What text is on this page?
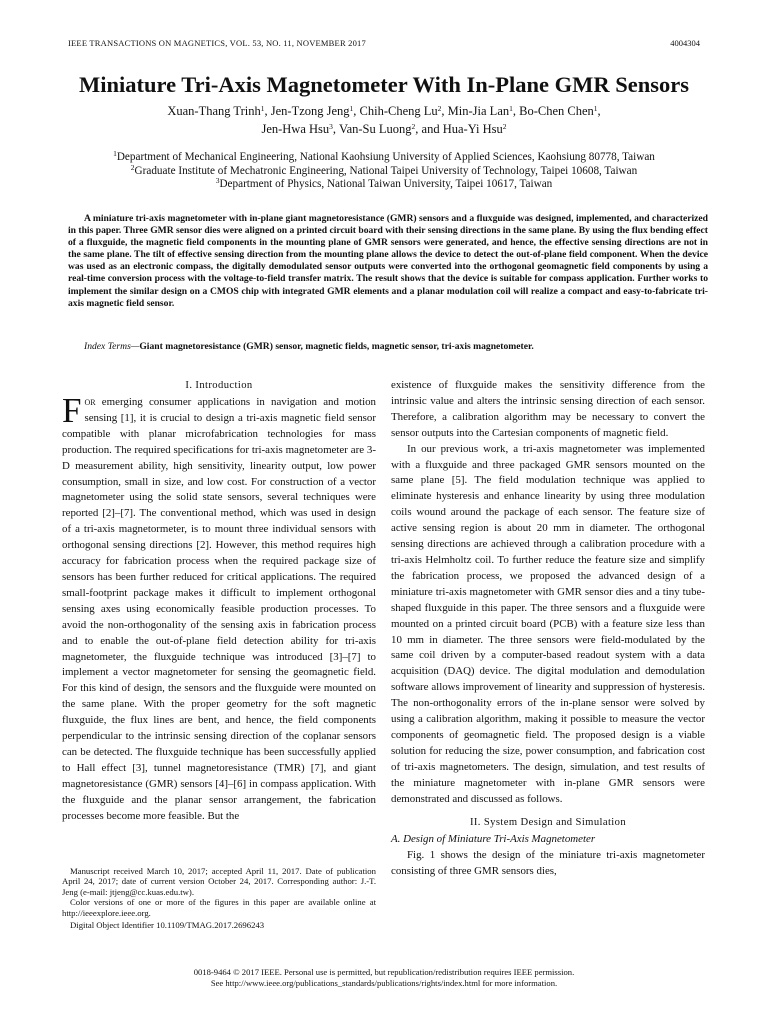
IEEE TRANSACTIONS ON MAGNETICS, VOL. 53, NO. 11, NOVEMBER 2017	4004304
Miniature Tri-Axis Magnetometer With In-Plane GMR Sensors
Xuan-Thang Trinh$^1$, Jen-Tzong Jeng$^1$, Chih-Cheng Lu$^2$, Min-Jia Lan$^1$, Bo-Chen Chen$^1$,
Jen-Hwa Hsu$^3$, Van-Su Luong$^2$, and Hua-Yi Hsu$^2$
$^1$Department of Mechanical Engineering, National Kaohsiung University of Applied Sciences, Kaohsiung 80778, Taiwan
$^2$Graduate Institute of Mechatronic Engineering, National Taipei University of Technology, Taipei 10608, Taiwan
$^3$Department of Physics, National Taiwan University, Taipei 10617, Taiwan

A miniature tri-axis magnetometer with in-plane giant magnetoresistance (GMR) sensors and a fluxguide was designed, implemented, and characterized in this paper. Three GMR sensor dies were aligned on a printed circuit board with their sensing directions in the same plane. By using the flux bending effect of a fluxguide, the magnetic field components in the mounting plane of GMR sensors were generated, and hence, the effective sensing directions are not in the same plane. The tilt of effective sensing direction from the mounting plane allows the device to detect the out-of-plane field component. When the device was used as an electronic compass, the digitally demodulated sensor outputs were converted into the orthogonal geomagnetic field components by using a real-time conversion process with the voltage-to-field transfer matrix. The result shows that the device is suitable for compass application. Further works to implement the similar design on a CMOS chip with integrated GMR elements and a planar modulation coil will realize a compact and easy-to-fabricate tri-axis magnetic field sensor.

Index Terms—Giant magnetoresistance (GMR) sensor, magnetic fields, magnetic sensor, tri-axis magnetometer.

I. Introduction

For emerging consumer applications in navigation and motion sensing [1], it is crucial to design a tri-axis magnetic field sensor compatible with planar microfabrication technologies for mass production. The required specifications for tri-axis magnetometer are 3-D measurement ability, high sensitivity, linearity output, low power consumption, small in size, and low cost. For construction of a vector magnetometer using the solid state sensors, several techniques were reported [2]–[7]. The conventional method, which was used in design of a tri-axis magnetormeter, is to mount three individual sensors with orthogonal sensing directions [2]. However, this method requires high accuracy for fabrication process when the required package size of sensors has been further reduced for critical applications. The required small-footprint package makes it difficult to implement orthogonal sensing axes using economically feasible production processes. To avoid the non-orthogonality of the sensing axis in fabrication process and to enable the out-of-plane field detection ability for tri-axis magnetometer, the fluxguide technique was introduced [3]–[7] to implement a vector magnetometer for sensing the geomagnetic field. For this kind of design, the sensors and the fluxguide were mounted on the same plane. With the proper geometry for the soft magnetic fluxguide, the flux lines are bent, and hence, the field components perpendicular to the intrinsic sensing direction of the coplanar sensors can be detected. The fluxguide technique has been successfully applied to Hall effect [3], tunnel magnetoresistance (TMR) [7], and giant magnetoresistance (GMR) sensors [4]–[6] in compass application. With the fluxguide and the planar sensor arrangement, the fabrication processes become more feasible. But the

existence of fluxguide makes the sensitivity difference from the intrinsic value and alters the intrinsic sensing direction of each sensor. Therefore, a calibration algorithm may be necessary to convert the sensor outputs into the Cartesian components of magnetic field.

In our previous work, a tri-axis magnetometer was implemented with a fluxguide and three packaged GMR sensors mounted on the same plane [5]. The field modulation technique was applied to eliminate hysteresis and enhance linearity by using three modulation coils wound around the package of each sensor. The feature size of active sensing region is about 20 mm in diameter. The orthogonal sensing directions are achieved through a calibration procedure with a tri-axis Helmholtz coil. To further reduce the feature size and simplify the fabrication process, we proposed the advanced design of a miniature tri-axis magnetometer with GMR sensor dies and a tiny tube-shaped fluxguide in this paper. The three sensors and a fluxguide were mounted on a printed circuit board (PCB) with a feature size less than 10 mm in diameter. The three sensors were field-modulated by the same coil driven by a computer-based readout system with a data acquisition (DAQ) device. The digital modulation and demodulation software allows improvement of linearity and suppression of hysteresis. The non-orthogonality errors of the in-plane sensor were solved by using a calibration algorithm, making it possible to measure the vector components of geomagnetic field. The proposed design is a viable solution for reducing the size, power consumption, and fabrication cost of tri-axis magnetometers. The design, simulation, and test results of the miniature magnetometer with in-plane GMR sensors were demonstrated and discussed as follows.

II. System Design and Simulation
A. Design of Miniature Tri-Axis Magnetometer

Fig. 1 shows the design of the miniature tri-axis magnetometer consisting of three GMR sensors dies,

Manuscript received March 10, 2017; accepted April 11, 2017. Date of publication April 24, 2017; date of current version October 24, 2017. Corresponding author: J.-T. Jeng (e-mail: jtjeng@cc.kuas.edu.tw).

Color versions of one or more of the figures in this paper are available online at http://ieeexplore.ieee.org.

Digital Object Identifier 10.1109/TMAG.2017.2696243

0018-9464 © 2017 IEEE. Personal use is permitted, but republication/redistribution requires IEEE permission.
See http://www.ieee.org/publications_standards/publications/rights/index.html for more information.
